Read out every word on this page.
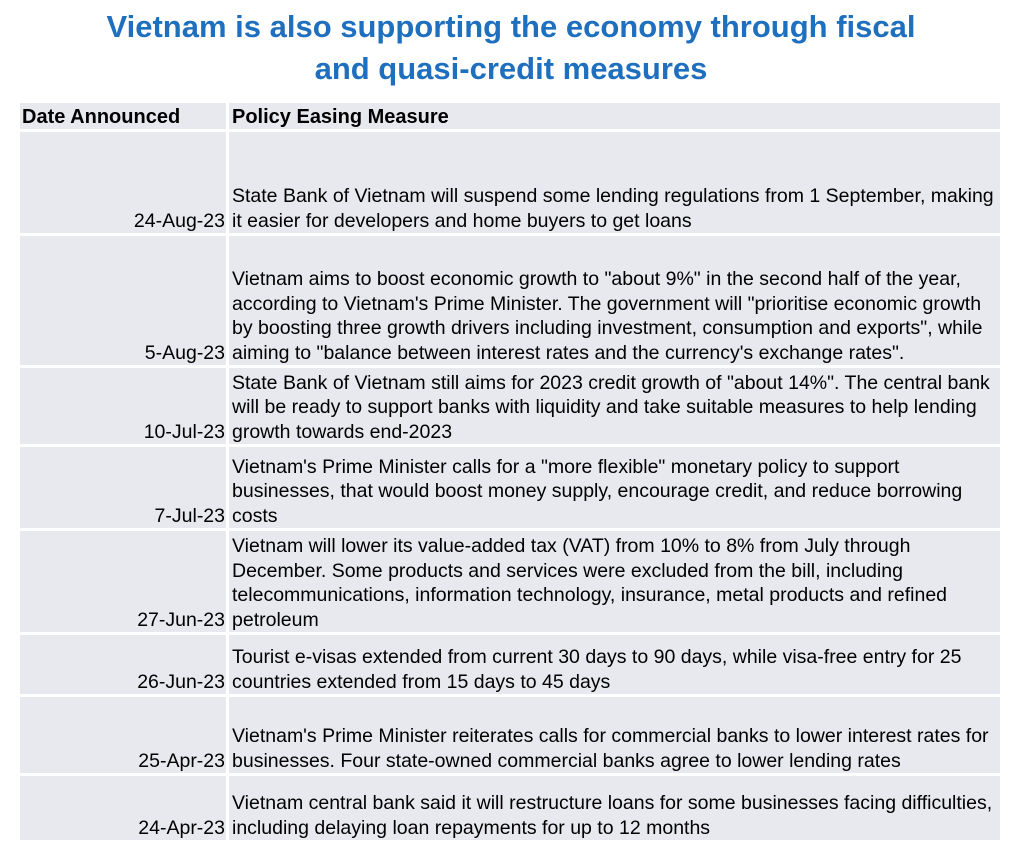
Vietnam is also supporting the economy through fiscal
and quasi-credit measures
Date Announced	Policy Easing Measure
24-Aug-23	State Bank of Vietnam will suspend some lending regulations from 1 September, making it easier for developers and home buyers to get loans
5-Aug-23	Vietnam aims to boost economic growth to "about 9%" in the second half of the year, according to Vietnam's Prime Minister. The government will "prioritise economic growth by boosting three growth drivers including investment, consumption and exports", while aiming to "balance between interest rates and the currency's exchange rates".
10-Jul-23	State Bank of Vietnam still aims for 2023 credit growth of "about 14%". The central bank will be ready to support banks with liquidity and take suitable measures to help lending growth towards end-2023
7-Jul-23	Vietnam's Prime Minister calls for a "more flexible" monetary policy to support businesses, that would boost money supply, encourage credit, and reduce borrowing costs
27-Jun-23	Vietnam will lower its value-added tax (VAT) from 10% to 8% from July through December. Some products and services were excluded from the bill, including telecommunications, information technology, insurance, metal products and refined petroleum
26-Jun-23	Tourist e-visas extended from current 30 days to 90 days, while visa-free entry for 25 countries extended from 15 days to 45 days
25-Apr-23	Vietnam's Prime Minister reiterates calls for commercial banks to lower interest rates for businesses. Four state-owned commercial banks agree to lower lending rates
24-Apr-23	Vietnam central bank said it will restructure loans for some businesses facing difficulties, including delaying loan repayments for up to 12 months
